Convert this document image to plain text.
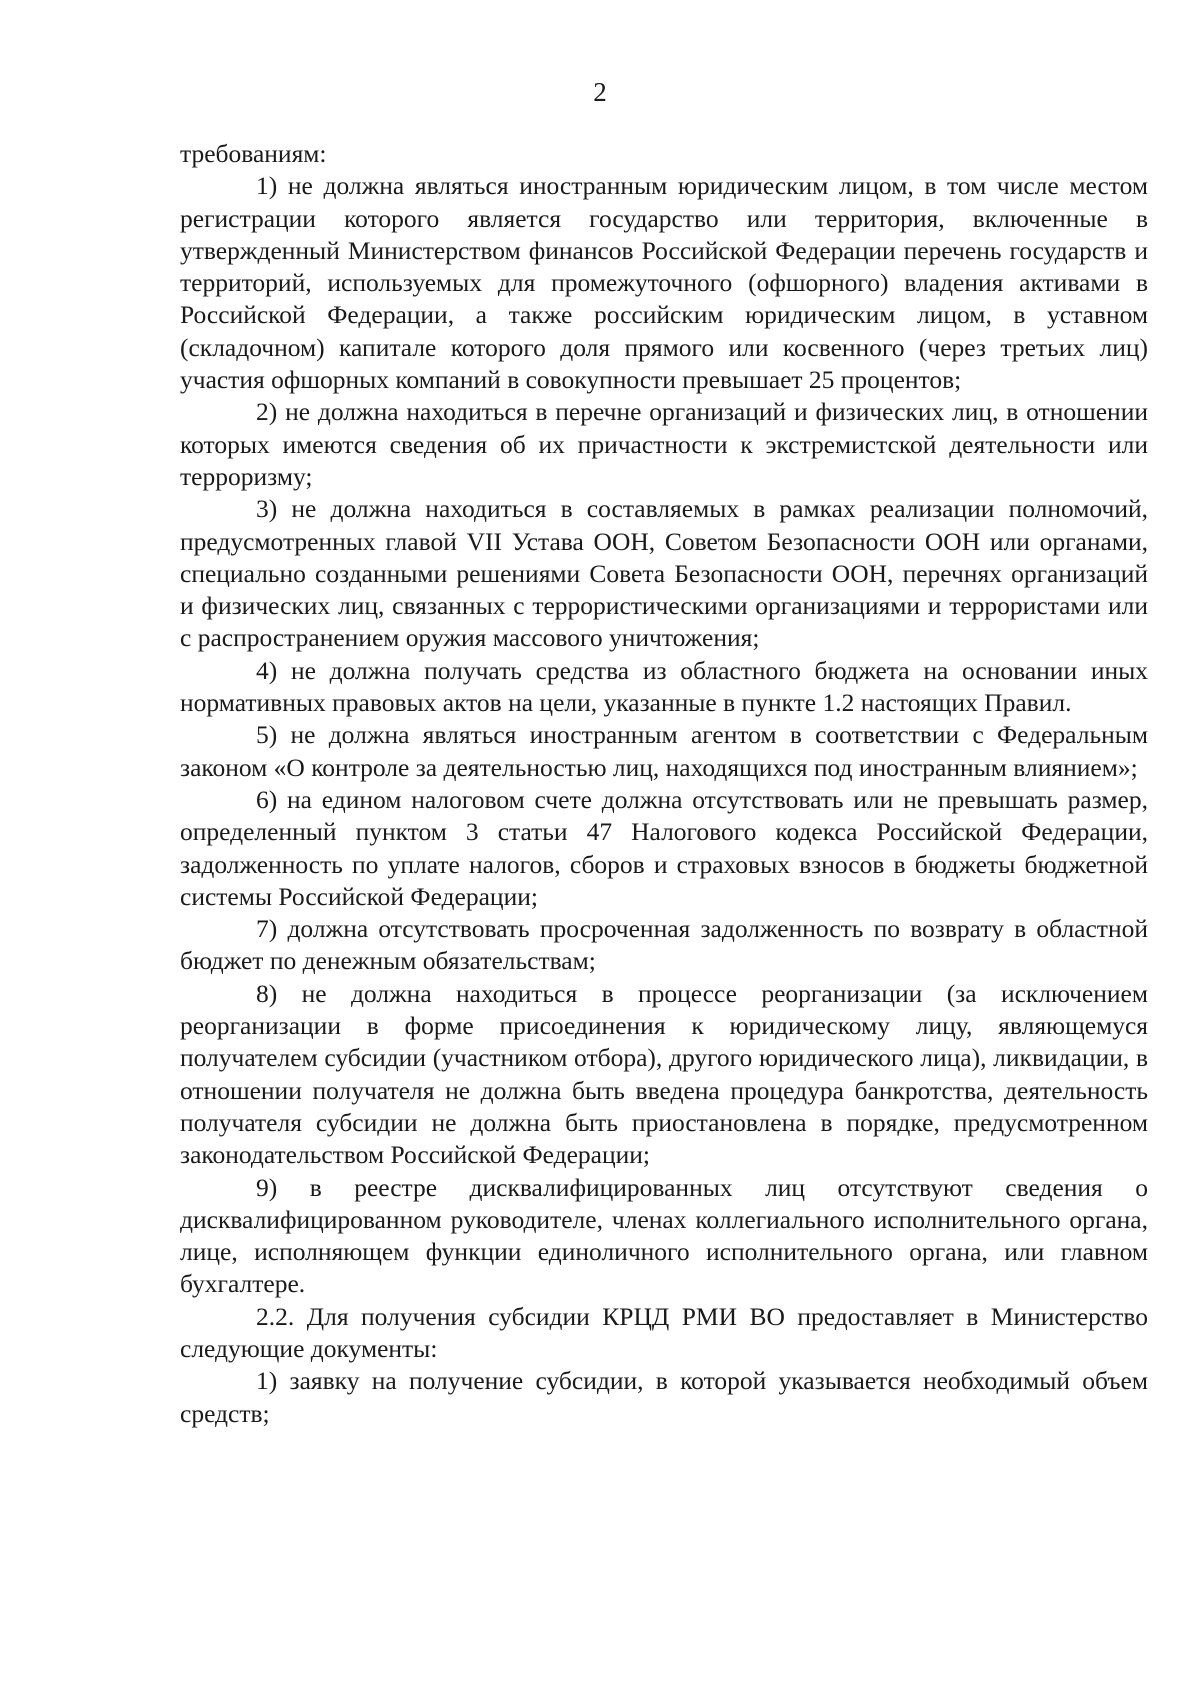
2

требованиям:

1) не должна являться иностранным юридическим лицом, в том числе местом регистрации которого является государство или территория, включенные в утвержденный Министерством финансов Российской Федерации перечень государств и территорий, используемых для промежуточного (офшорного) владения активами в Российской Федерации, а также российским юридическим лицом, в уставном (складочном) капитале которого доля прямого или косвенного (через третьих лиц) участия офшорных компаний в совокупности превышает 25 процентов;

2) не должна находиться в перечне организаций и физических лиц, в отношении которых имеются сведения об их причастности к экстремистской деятельности или терроризму;

3) не должна находиться в составляемых в рамках реализации полномочий, предусмотренных главой VII Устава ООН, Советом Безопасности ООН или органами, специально созданными решениями Совета Безопасности ООН, перечнях организаций и физических лиц, связанных с террористическими организациями и террористами или с распространением оружия массового уничтожения;

4) не должна получать средства из областного бюджета на основании иных нормативных правовых актов на цели, указанные в пункте 1.2 настоящих Правил.

5) не должна являться иностранным агентом в соответствии с Федеральным законом «О контроле за деятельностью лиц, находящихся под иностранным влиянием»;

6) на едином налоговом счете должна отсутствовать или не превышать размер, определенный пунктом 3 статьи 47 Налогового кодекса Российской Федерации, задолженность по уплате налогов, сборов и страховых взносов в бюджеты бюджетной системы Российской Федерации;

7) должна отсутствовать просроченная задолженность по возврату в областной бюджет по денежным обязательствам;

8) не должна находиться в процессе реорганизации (за исключением реорганизации в форме присоединения к юридическому лицу, являющемуся получателем субсидии (участником отбора), другого юридического лица), ликвидации, в отношении получателя не должна быть введена процедура банкротства, деятельность получателя субсидии не должна быть приостановлена в порядке, предусмотренном законодательством Российской Федерации;

9) в реестре дисквалифицированных лиц отсутствуют сведения о дисквалифицированном руководителе, членах коллегиального исполнительного органа, лице, исполняющем функции единоличного исполнительного органа, или главном бухгалтере.

2.2. Для получения субсидии КРЦД РМИ ВО предоставляет в Министерство следующие документы:

1) заявку на получение субсидии, в которой указывается необходимый объем средств;
